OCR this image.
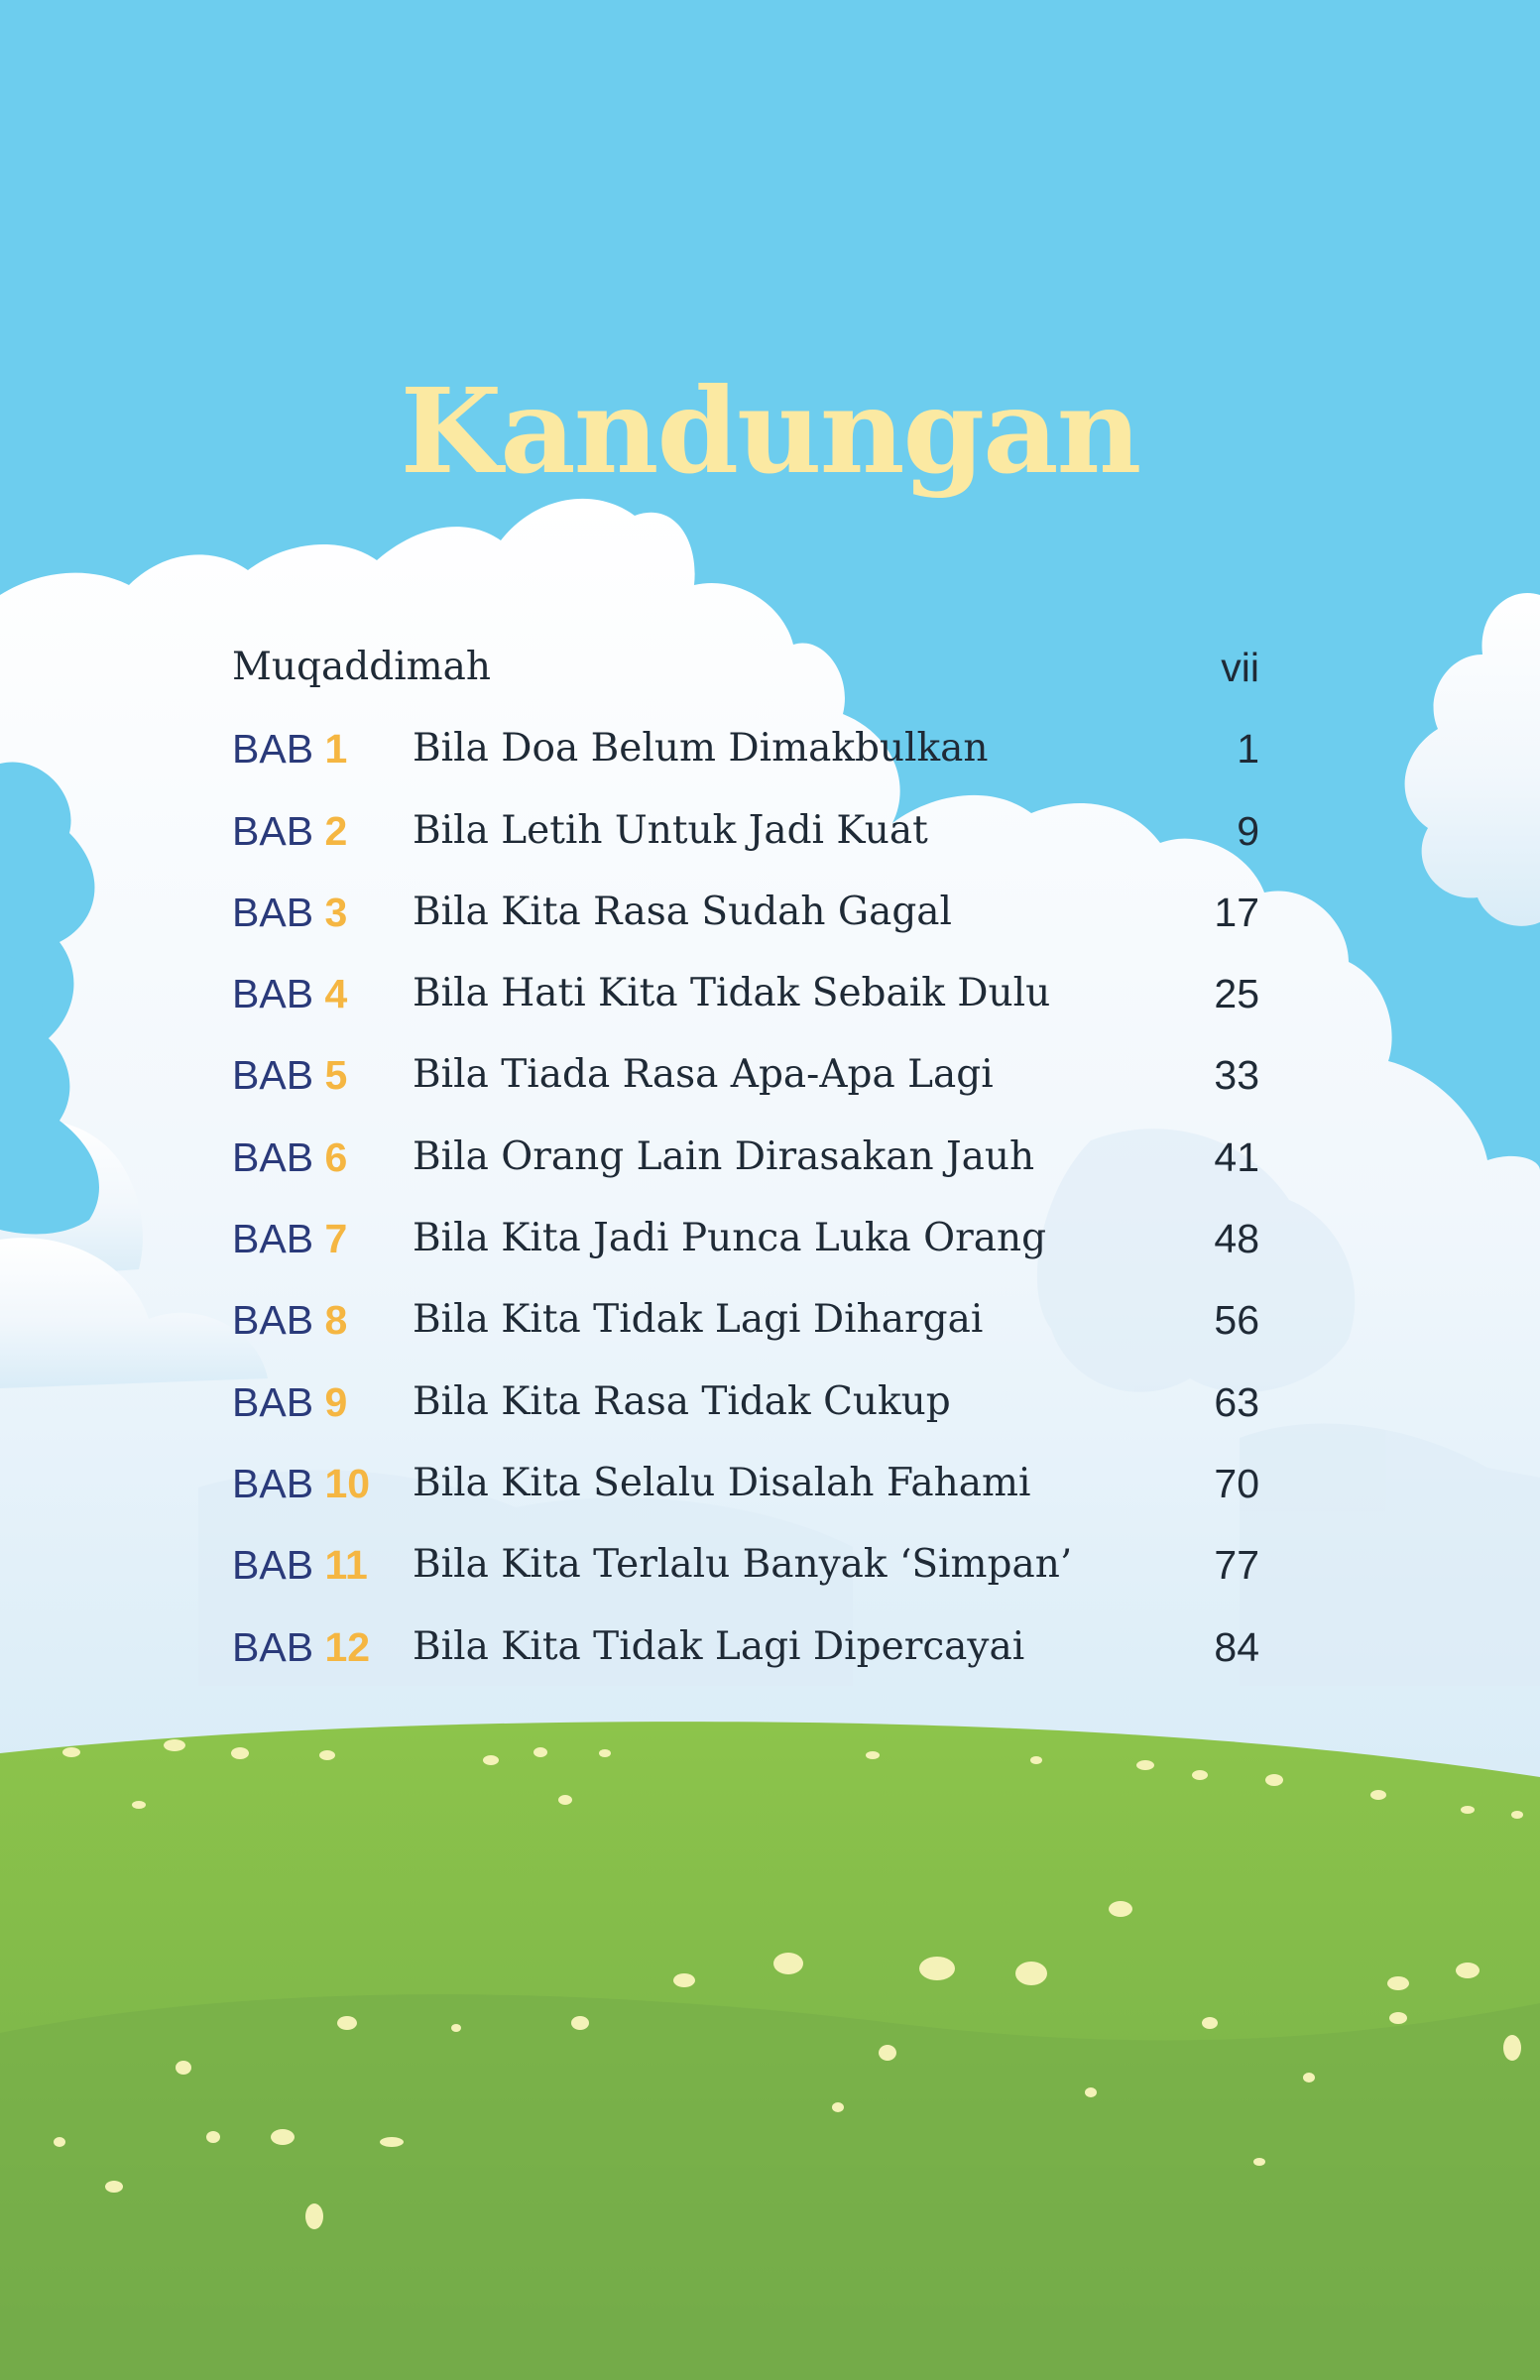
Kandungan
Muqaddimah	vii
BAB 1 Bila Doa Belum Dimakbulkan	1
BAB 2 Bila Letih Untuk Jadi Kuat	9
BAB 3 Bila Kita Rasa Sudah Gagal	17
BAB 4 Bila Hati Kita Tidak Sebaik Dulu	25
BAB 5 Bila Tiada Rasa Apa-Apa Lagi	33
BAB 6 Bila Orang Lain Dirasakan Jauh	41
BAB 7 Bila Kita Jadi Punca Luka Orang	48
BAB 8 Bila Kita Tidak Lagi Dihargai	56
BAB 9 Bila Kita Rasa Tidak Cukup	63
BAB 10 Bila Kita Selalu Disalah Fahami	70
BAB 11 Bila Kita Terlalu Banyak ‘Simpan’	77
BAB 12 Bila Kita Tidak Lagi Dipercayai	84
